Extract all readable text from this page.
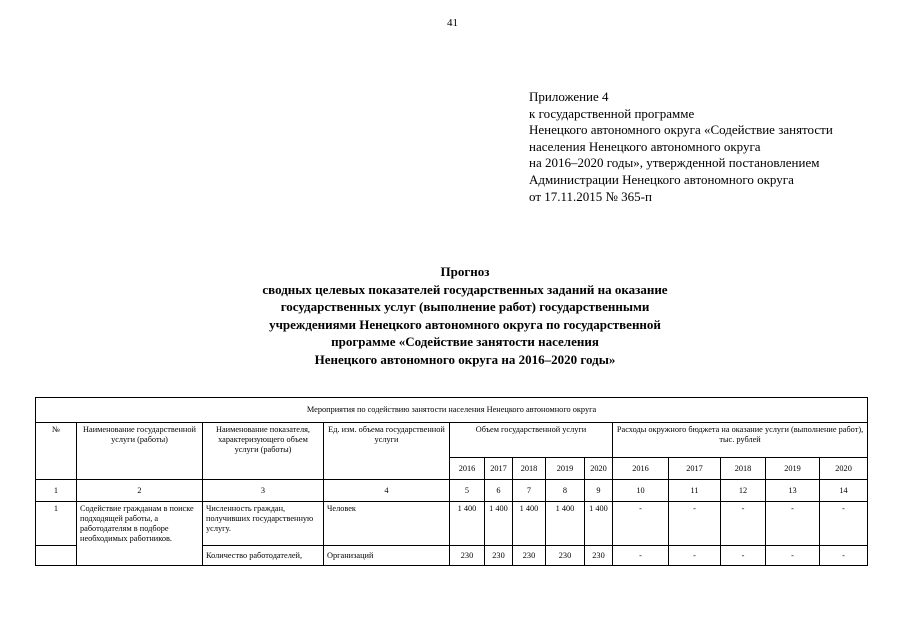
41
Приложение 4
к государственной программе
Ненецкого автономного округа «Содействие занятости
населения Ненецкого автономного округа
на 2016–2020 годы», утвержденной постановлением
Администрации Ненецкого автономного округа
от 17.11.2015 № 365-п
Прогноз
сводных целевых показателей государственных заданий на оказание
государственных услуг (выполнение работ) государственными
учреждениями Ненецкого автономного округа по государственной
программе «Содействие занятости населения
Ненецкого автономного округа на 2016–2020 годы»
Мероприятия по содействию занятости населения Ненецкого автономного округа													
№	Наименование государственной услуги (работы)	Наименование показателя, характеризующего объем услуги (работы)	Ед. изм. объема государственной услуги	Объем государственной услуги					Расходы окружного бюджета на оказание услуги (выполнение работ), тыс. рублей				
				2016	2017	2018	2019	2020	2016	2017	2018	2019	2020
1	2	3	4	5	6	7	8	9	10	11	12	13	14
1	Содействие гражданам в поиске подходящей работы, а работодателям в подборе необходимых работников.	Численность граждан, получивших государственную услугу.	Человек	1 400	1 400	1 400	1 400	1 400	-	-	-	-	-
		Количество работодателей,	Организаций	230	230	230	230	230	-	-	-	-	-
